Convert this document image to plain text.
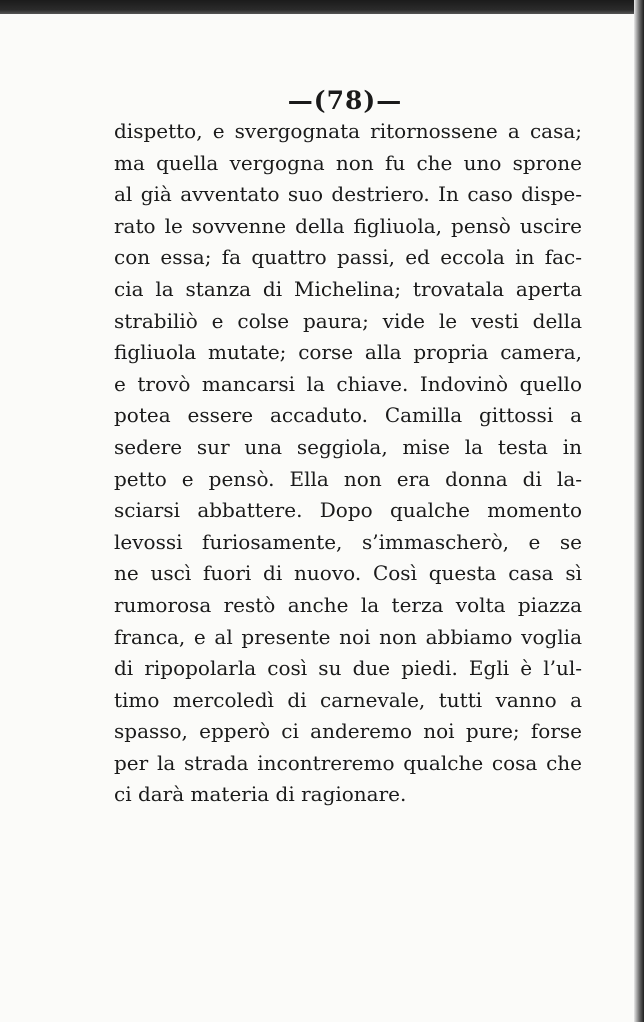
—(78)—
dispetto, e svergognata ritornossene a casa;
ma quella vergogna non fu che uno sprone
al già avventato suo destriero. In caso dispe-
rato le sovvenne della figliuola, pensò uscire
con essa; fa quattro passi, ed eccola in fac-
cia la stanza di Michelina; trovatala aperta
strabiliò e colse paura; vide le vesti della
figliuola mutate; corse alla propria camera,
e trovò mancarsi la chiave. Indovinò quello
potea essere accaduto. Camilla gittossi a
sedere sur una seggiola, mise la testa in
petto e pensò. Ella non era donna di la-
sciarsi abbattere. Dopo qualche momento
levossi furiosamente, s’immascherò, e se
ne uscì fuori di nuovo. Così questa casa sì
rumorosa restò anche la terza volta piazza
franca, e al presente noi non abbiamo voglia
di ripopolarla così su due piedi. Egli è l’ul-
timo mercoledì di carnevale, tutti vanno a
spasso, epperò ci anderemo noi pure; forse
per la strada incontreremo qualche cosa che
ci darà materia di ragionare.
